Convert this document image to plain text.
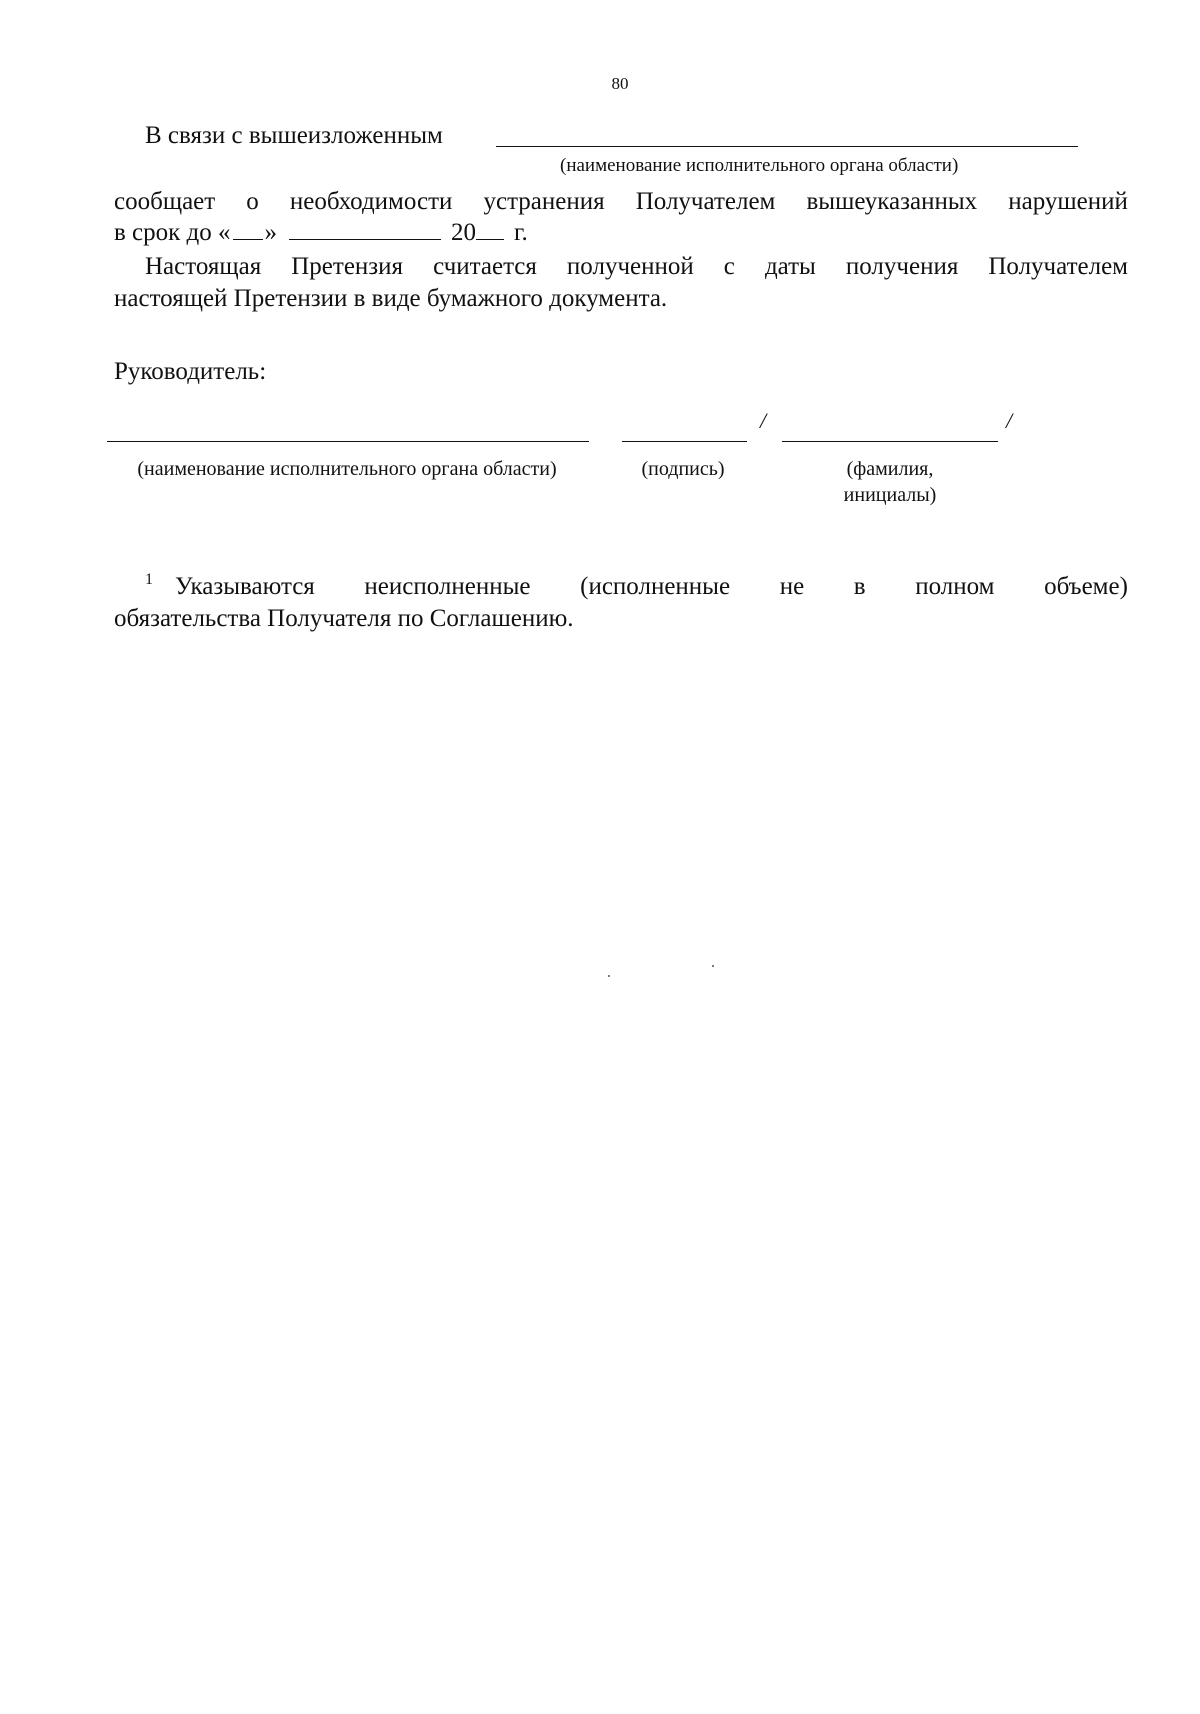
80
В связи с вышеизложенным
(наименование исполнительного органа области)
сообщает о необходимости устранения Получателем вышеуказанных нарушений
в срок до « »	20 г.
Настоящая Претензия считается полученной с даты получения Получателем
настоящей Претензии в виде бумажного документа.
Руководитель:
/	/
(наименование исполнительного органа области)	(подпись)	(фамилия, инициалы)
$^1$ Указываются неисполненные (исполненные не в полном объеме)
обязательства Получателя по Соглашению.
